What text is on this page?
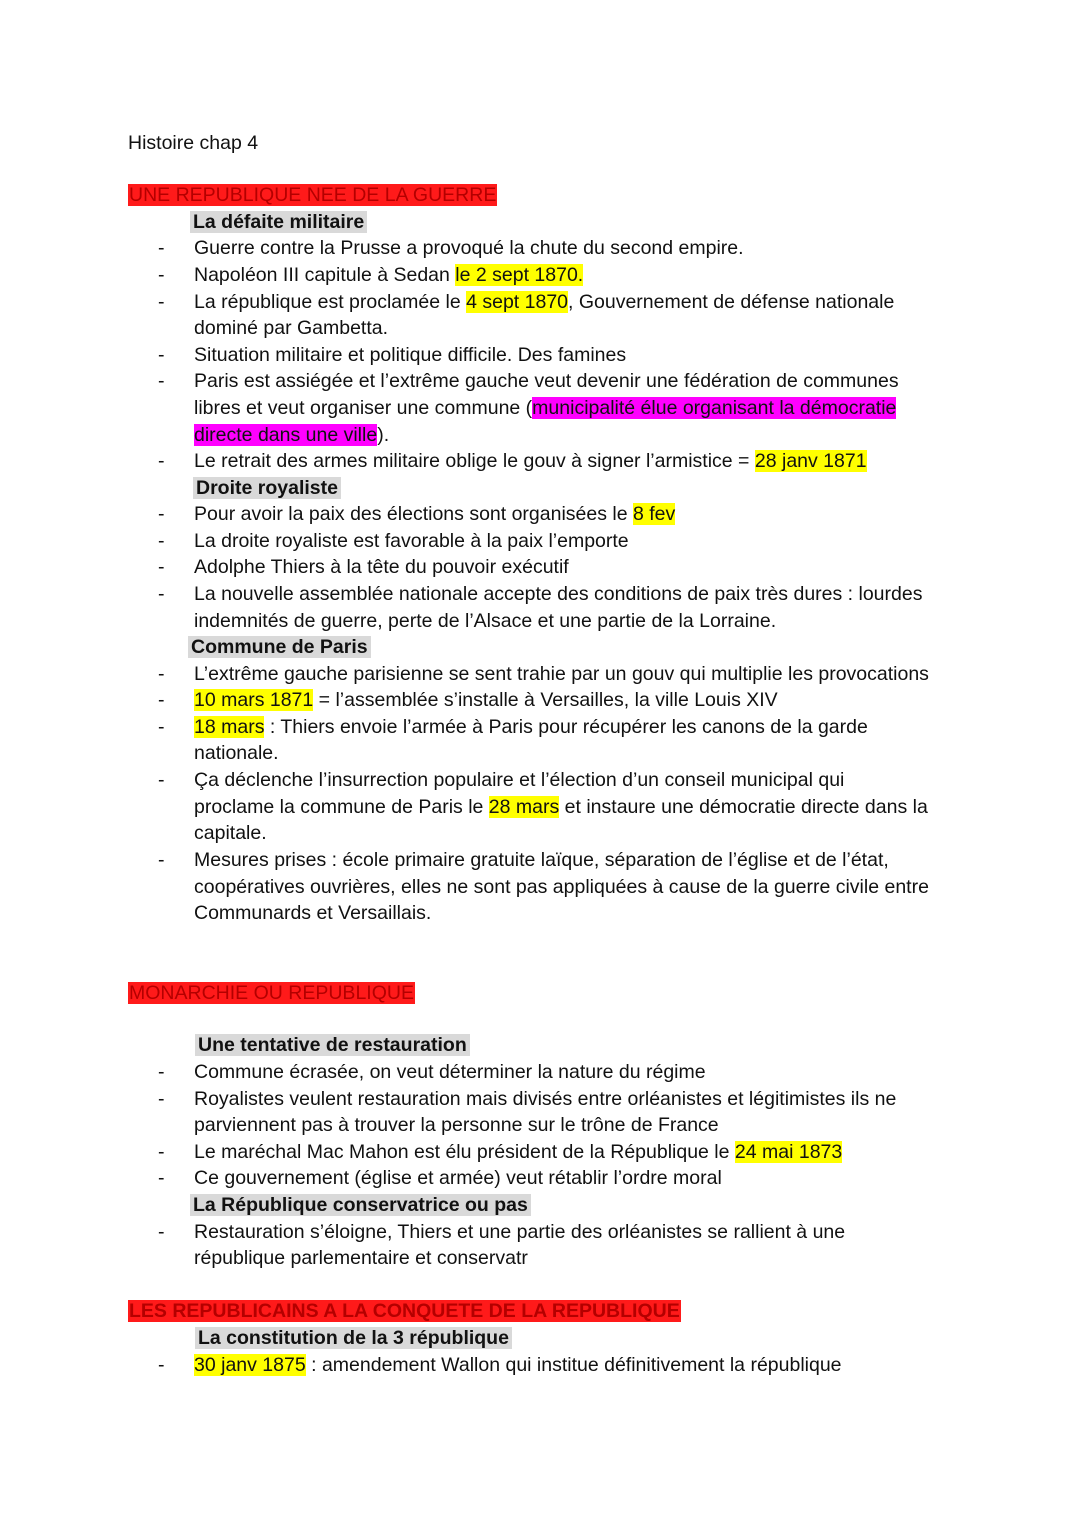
Histoire chap 4
UNE REPUBLIQUE NEE DE LA GUERRE
La défaite militaire
- Guerre contre la Prusse a provoqué la chute du second empire.
- Napoléon III capitule à Sedan le 2 sept 1870.
- La république est proclamée le 4 sept 1870, Gouvernement de défense nationale
dominé par Gambetta.
- Situation militaire et politique difficile. Des famines
- Paris est assiégée et l’extrême gauche veut devenir une fédération de communes
libres et veut organiser une commune (municipalité élue organisant la démocratie
directe dans une ville).
- Le retrait des armes militaire oblige le gouv à signer l’armistice = 28 janv 1871
Droite royaliste
- Pour avoir la paix des élections sont organisées le 8 fev
- La droite royaliste est favorable à la paix l’emporte
- Adolphe Thiers à la tête du pouvoir exécutif
- La nouvelle assemblée nationale accepte des conditions de paix très dures : lourdes
indemnités de guerre, perte de l’Alsace et une partie de la Lorraine.
Commune de Paris
- L’extrême gauche parisienne se sent trahie par un gouv qui multiplie les provocations
- 10 mars 1871 = l’assemblée s’installe à Versailles, la ville Louis XIV
- 18 mars : Thiers envoie l’armée à Paris pour récupérer les canons de la garde
nationale.
- Ça déclenche l’insurrection populaire et l’élection d’un conseil municipal qui
proclame la commune de Paris le 28 mars et instaure une démocratie directe dans la
capitale.
- Mesures prises : école primaire gratuite laïque, séparation de l’église et de l’état,
coopératives ouvrières, elles ne sont pas appliquées à cause de la guerre civile entre
Communards et Versaillais.
MONARCHIE OU REPUBLIQUE
Une tentative de restauration
- Commune écrasée, on veut déterminer la nature du régime
- Royalistes veulent restauration mais divisés entre orléanistes et légitimistes ils ne
parviennent pas à trouver la personne sur le trône de France
- Le maréchal Mac Mahon est élu président de la République le 24 mai 1873
- Ce gouvernement (église et armée) veut rétablir l’ordre moral
La République conservatrice ou pas
- Restauration s’éloigne, Thiers et une partie des orléanistes se rallient à une
république parlementaire et conservatr
LES REPUBLICAINS A LA CONQUETE DE LA REPUBLIQUE
La constitution de la 3 république
- 30 janv 1875 : amendement Wallon qui institue définitivement la république
